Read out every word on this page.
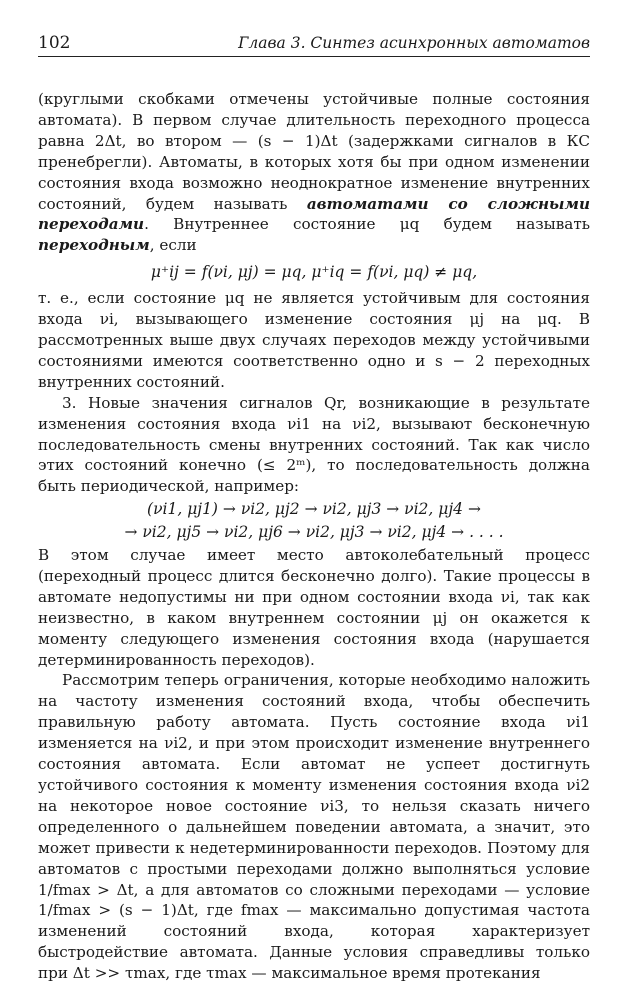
102	Глава 3. Синтез асинхронных автоматов

(круглыми скобками отмечены устойчивые полные состояния автомата). В первом случае длительность переходного процесса равна 2Δt, во втором — (s − 1)Δt (задержками сигналов в КС пренебрегли). Автоматы, в которых хотя бы при одном изменении состояния входа возможно неоднократное изменение внутренних состояний, будем называть автоматами со сложными переходами. Внутреннее состояние μq будем называть переходным, если

μ⁺ij = f(νi, μj) = μq, μ⁺iq = f(νi, μq) ≠ μq,

т. е., если состояние μq не является устойчивым для состояния входа νi, вызывающего изменение состояния μj на μq. В рассмотренных выше двух случаях переходов между устойчивыми состояниями имеются соответственно одно и s − 2 переходных внутренних состояний.

3. Новые значения сигналов Qr, возникающие в результате изменения состояния входа νi1 на νi2, вызывают бесконечную последовательность смены внутренних состояний. Так как число этих состояний конечно (≤ 2ᵐ), то последовательность должна быть периодической, например:

(νi1, μj1) → νi2, μj2 → νi2, μj3 → νi2, μj4 →
→ νi2, μj5 → νi2, μj6 → νi2, μj3 → νi2, μj4 → . . . .

В этом случае имеет место автоколебательный процесс (переходный процесс длится бесконечно долго). Такие процессы в автомате недопустимы ни при одном состоянии входа νi, так как неизвестно, в каком внутреннем состоянии μj он окажется к моменту следующего изменения состояния входа (нарушается детерминированность переходов).

Рассмотрим теперь ограничения, которые необходимо наложить на частоту изменения состояний входа, чтобы обеспечить правильную работу автомата. Пусть состояние входа νi1 изменяется на νi2, и при этом происходит изменение внутреннего состояния автомата. Если автомат не успеет достигнуть устойчивого состояния к моменту изменения состояния входа νi2 на некоторое новое состояние νi3, то нельзя сказать ничего определенного о дальнейшем поведении автомата, а значит, это может привести к недетерминированности переходов. Поэтому для автоматов с простыми переходами должно выполняться условие 1/fmax > Δt, а для автоматов со сложными переходами — условие 1/fmax > (s − 1)Δt, где fmax — максимально допустимая частота изменений состояний входа, которая характеризует быстродействие автомата. Данные условия справедливы только при Δt >> τmax, где τmax — максимальное время протекания
